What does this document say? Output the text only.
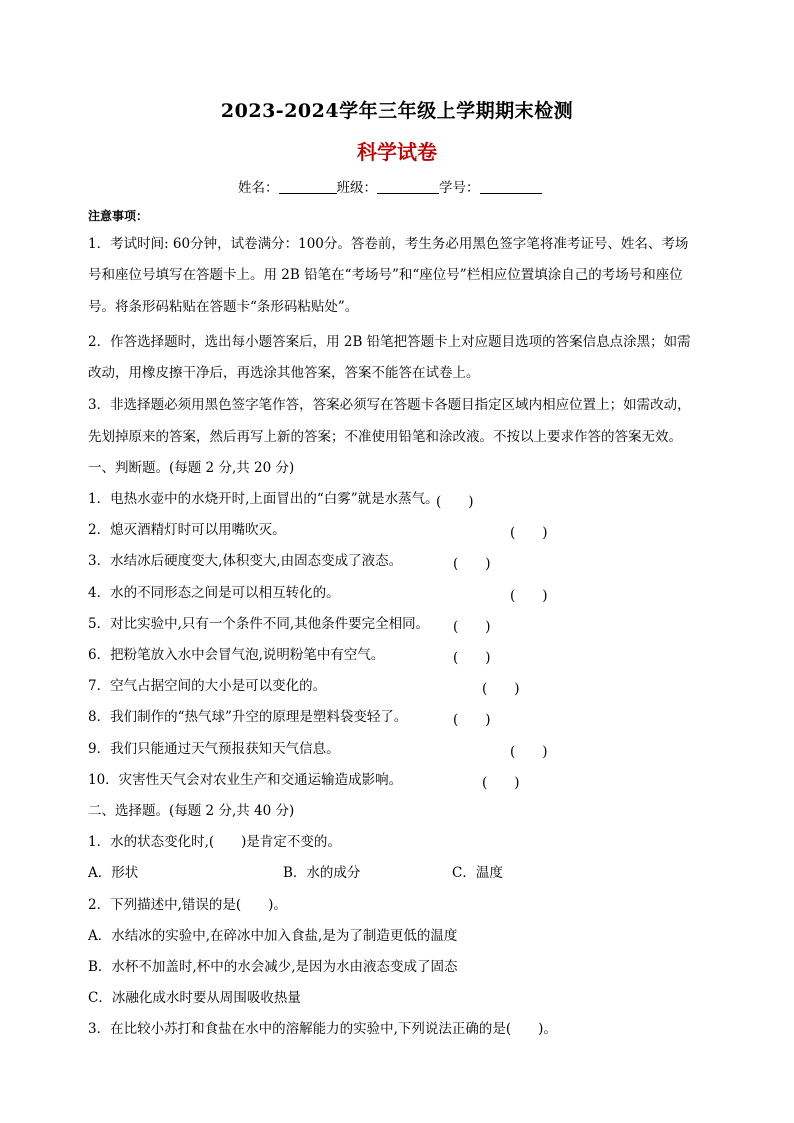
2023-2024学年三年级上学期期末检测
科学试卷
姓名：	班级：	学号：
注意事项：
1．考试时间: 60分钟，试卷满分：100分。答卷前，考生务必用黑色签字笔将准考证号、姓名、考场
号和座位号填写在答题卡上。用 2B 铅笔在“考场号”和“座位号”栏相应位置填涂自己的考场号和座位
号。将条形码粘贴在答题卡“条形码粘贴处”。
2．作答选择题时，选出每小题答案后，用 2B 铅笔把答题卡上对应题目选项的答案信息点涂黑；如需
改动，用橡皮擦干净后，再选涂其他答案，答案不能答在试卷上。
3．非选择题必须用黑色签字笔作答，答案必须写在答题卡各题目指定区域内相应位置上；如需改动，
先划掉原来的答案，然后再写上新的答案；不准使用铅笔和涂改液。不按以上要求作答的答案无效。
一、判断题。(每题 2 分,共 20 分)
1．电热水壶中的水烧开时,上面冒出的“白雾”就是水蒸气。
(　　)
2．熄灭酒精灯时可以用嘴吹灭。	(　　)
3．水结冰后硬度变大,体积变大,由固态变成了液态。	(　　)
4．水的不同形态之间是可以相互转化的。	(　　)
5．对比实验中,只有一个条件不同,其他条件要完全相同。 (　　)
6．把粉笔放入水中会冒气泡,说明粉笔中有空气。	(　　)
7．空气占据空间的大小是可以变化的。	(　　)
8．我们制作的“热气球”升空的原理是塑料袋变轻了。	(　　)
9．我们只能通过天气预报获知天气信息。	(　　)
10．灾害性天气会对农业生产和交通运输造成影响。	(　　)
二、选择题。(每题 2 分,共 40 分)
1．水的状态变化时,(　　)是肯定不变的。
A．形状	B．水的成分	C．温度
2．下列描述中,错误的是(　　)。
A．水结冰的实验中,在碎冰中加入食盐,是为了制造更低的温度
B．水杯不加盖时,杯中的水会减少,是因为水由液态变成了固态
C．冰融化成水时要从周围吸收热量
3．在比较小苏打和食盐在水中的溶解能力的实验中,下列说法正确的是(　　)。
